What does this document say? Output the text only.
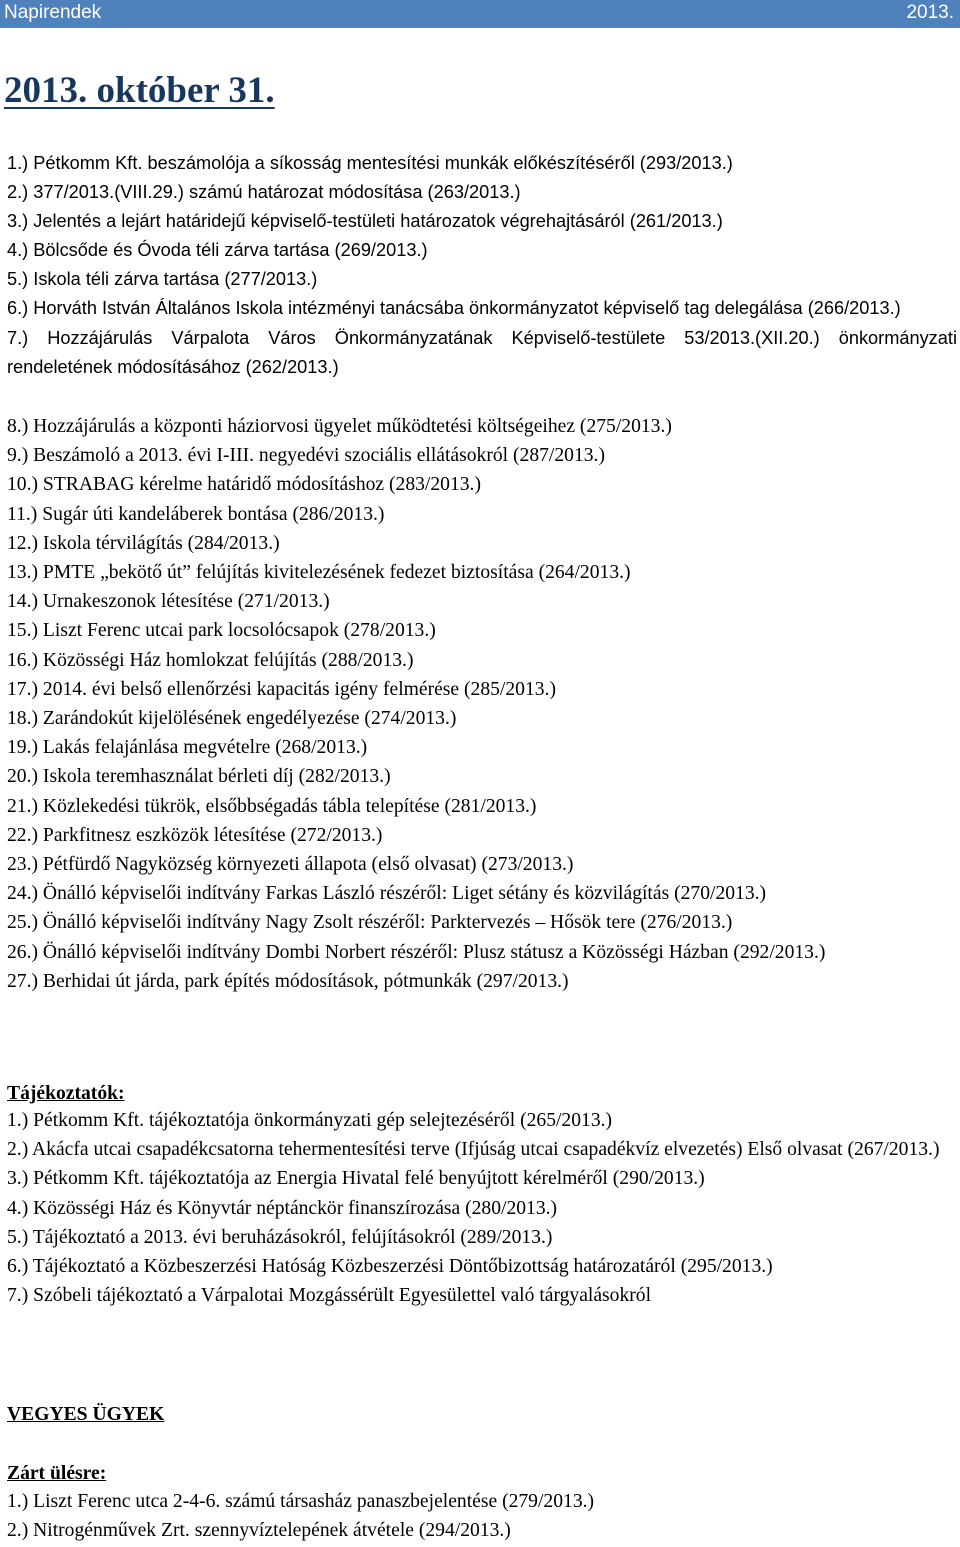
Napirendek	2013.
2013. október 31.
1.) Pétkomm Kft. beszámolója a síkosság mentesítési munkák előkészítéséről (293/2013.)
2.) 377/2013.(VIII.29.) számú határozat módosítása (263/2013.)
3.) Jelentés a lejárt határidejű képviselő-testületi határozatok végrehajtásáról (261/2013.)
4.) Bölcsőde és Óvoda téli zárva tartása (269/2013.)
5.) Iskola téli zárva tartása (277/2013.)
6.) Horváth István Általános Iskola intézményi tanácsába önkormányzatot képviselő tag delegálása (266/2013.)
7.) Hozzájárulás Várpalota Város Önkormányzatának Képviselő-testülete 53/2013.(XII.20.) önkormányzati rendeletének módosításához (262/2013.)
8.) Hozzájárulás a központi háziorvosi ügyelet működtetési költségeihez (275/2013.)
9.) Beszámoló a 2013. évi I-III. negyedévi szociális ellátásokról (287/2013.)
10.) STRABAG kérelme határidő módosításhoz (283/2013.)
11.) Sugár úti kandeláberek bontása (286/2013.)
12.) Iskola térvilágítás (284/2013.)
13.) PMTE „bekötő út” felújítás kivitelezésének fedezet biztosítása (264/2013.)
14.) Urnakeszonok létesítése (271/2013.)
15.) Liszt Ferenc utcai park locsolócsapok (278/2013.)
16.) Közösségi Ház homlokzat felújítás (288/2013.)
17.) 2014. évi belső ellenőrzési kapacitás igény felmérése (285/2013.)
18.) Zarándokút kijelölésének engedélyezése (274/2013.)
19.) Lakás felajánlása megvételre (268/2013.)
20.) Iskola teremhasználat bérleti díj (282/2013.)
21.) Közlekedési tükrök, elsőbbségadás tábla telepítése (281/2013.)
22.) Parkfitnesz eszközök létesítése (272/2013.)
23.) Pétfürdő Nagyközség környezeti állapota (első olvasat) (273/2013.)
24.) Önálló képviselői indítvány Farkas László részéről: Liget sétány és közvilágítás (270/2013.)
25.) Önálló képviselői indítvány Nagy Zsolt részéről: Parktervezés – Hősök tere (276/2013.)
26.) Önálló képviselői indítvány Dombi Norbert részéről: Plusz státusz a Közösségi Házban (292/2013.)
27.) Berhidai út járda, park építés módosítások, pótmunkák (297/2013.)
Tájékoztatók:
1.) Pétkomm Kft. tájékoztatója önkormányzati gép selejtezéséről (265/2013.)
2.) Akácfa utcai csapadékcsatorna tehermentesítési terve (Ifjúság utcai csapadékvíz elvezetés) Első olvasat (267/2013.)
3.) Pétkomm Kft. tájékoztatója az Energia Hivatal felé benyújtott kérelméről (290/2013.)
4.) Közösségi Ház és Könyvtár néptánckör finanszírozása (280/2013.)
5.) Tájékoztató a 2013. évi beruházásokról, felújításokról (289/2013.)
6.) Tájékoztató a Közbeszerzési Hatóság Közbeszerzési Döntőbizottság határozatáról (295/2013.)
7.) Szóbeli tájékoztató a Várpalotai Mozgássérült Egyesülettel való tárgyalásokról
VEGYES ÜGYEK
Zárt ülésre:
1.) Liszt Ferenc utca 2-4-6. számú társasház panaszbejelentése (279/2013.)
2.) Nitrogénművek Zrt. szennyvíztelepének átvétele (294/2013.)
